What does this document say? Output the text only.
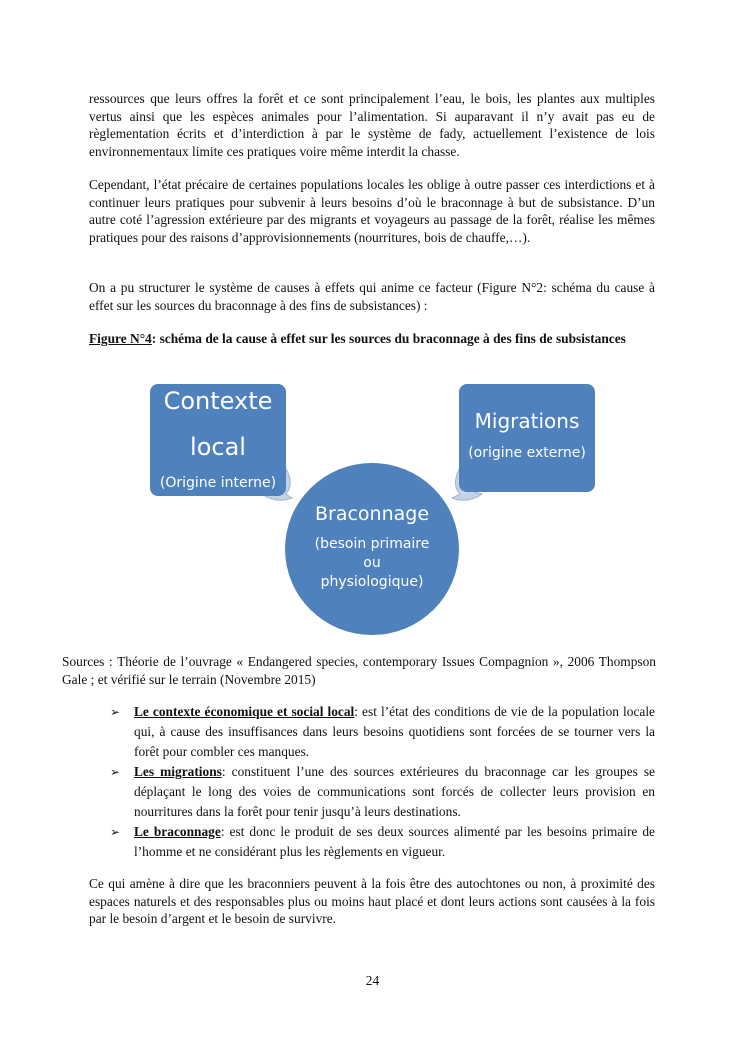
ressources que leurs offres la forêt et ce sont principalement l’eau, le bois, les plantes aux multiples vertus ainsi que les espèces animales pour l’alimentation. Si auparavant il n’y avait pas eu de règlementation écrits et d’interdiction à par le système de fady, actuellement l’existence de lois environnementaux limite ces pratiques voire même interdit la chasse.

Cependant, l’état précaire de certaines populations locales les oblige à outre passer ces interdictions et à continuer leurs pratiques pour subvenir à leurs besoins d’où le braconnage à but de subsistance. D’un autre coté l’agression extérieure par des migrants et voyageurs au passage de la forêt, réalise les mêmes pratiques pour des raisons d’approvisionnements (nourritures, bois de chauffe,…).

On a pu structurer le système de causes à effets qui anime ce facteur (Figure N°2: schéma du cause à effet sur les sources du braconnage à des fins de subsistances) :

Figure N°4: schéma de la cause à effet sur les sources du braconnage à des fins de subsistances

Contexte
local
(Origine interne)
Migrations
(origine externe)
Braconnage
(besoin primaire
ou
physiologique)

Sources : Théorie de l’ouvrage « Endangered species, contemporary Issues Compagnion », 2006 Thompson Gale ; et vérifié sur le terrain (Novembre 2015)

➢ Le contexte économique et social local: est l’état des conditions de vie de la population locale qui, à cause des insuffisances dans leurs besoins quotidiens sont forcées de se tourner vers la forêt pour combler ces manques.
➢ Les migrations: constituent l’une des sources extérieures du braconnage car les groupes se déplaçant le long des voies de communications sont forcés de collecter leurs provision en nourritures dans la forêt pour tenir jusqu’à leurs destinations.
➢ Le braconnage: est donc le produit de ses deux sources alimenté par les besoins primaire de l’homme et ne considérant plus les règlements en vigueur.

Ce qui amène à dire que les braconniers peuvent à la fois être des autochtones ou non, à proximité des espaces naturels et des responsables plus ou moins haut placé et dont leurs actions sont causées à la fois par le besoin d’argent et le besoin de survivre.

24
